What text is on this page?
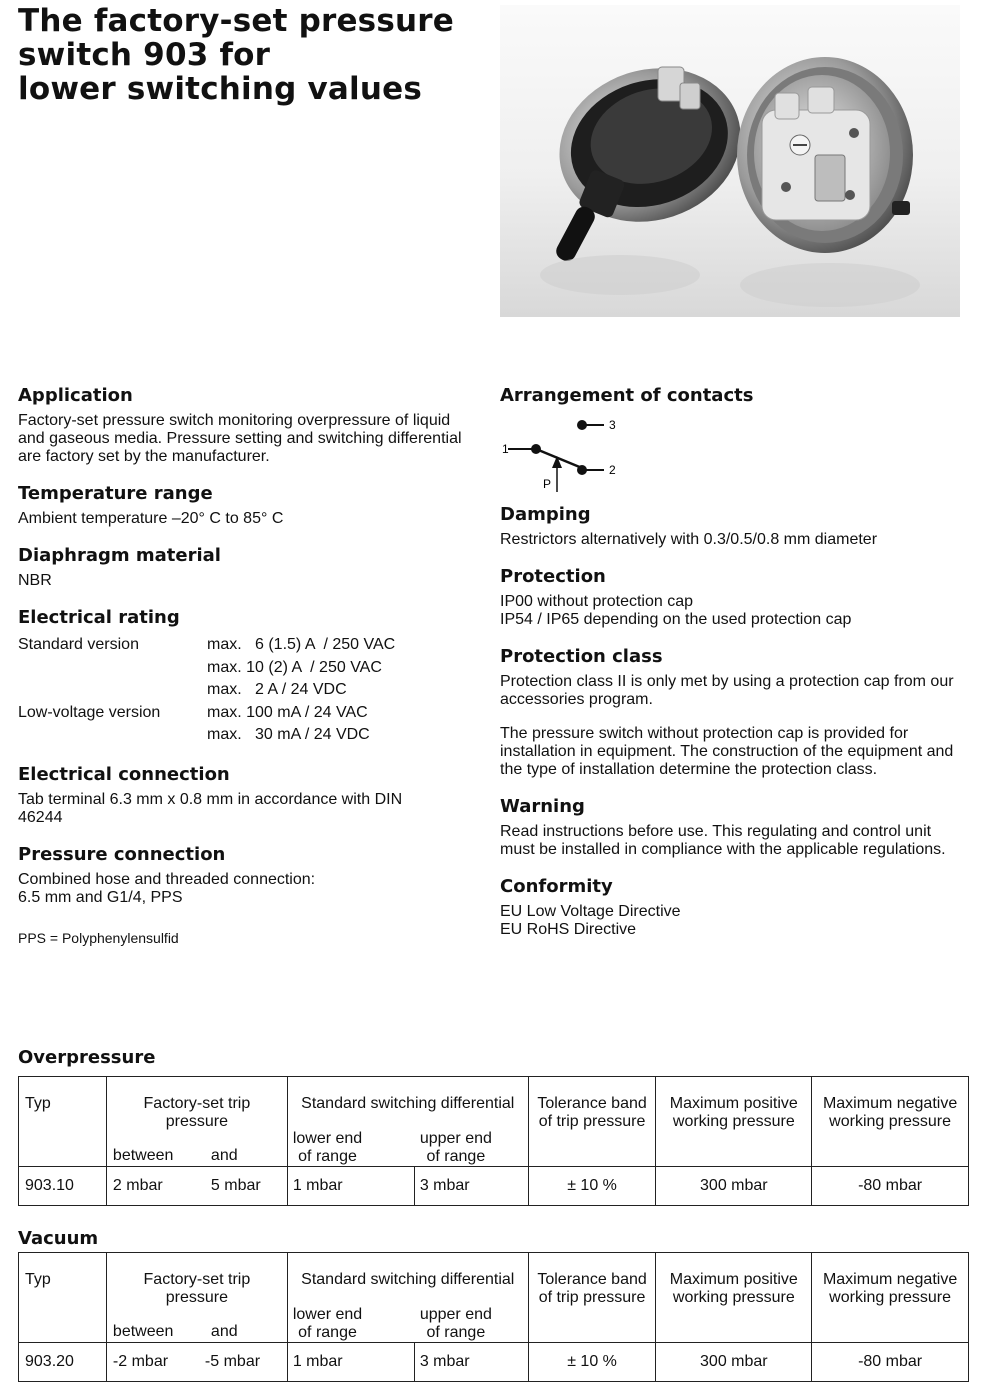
The factory-set pressure
switch 903 for
lower switching values
Application

Factory-set pressure switch monitoring overpressure of liquid and gaseous media. Pressure setting and switching differential are factory set by the manufacturer.

Temperature range

Ambient temperature –20° C to 85° C

Diaphragm material

NBR

Electrical rating
Standard version	max.   6 (1.5) A  / 250 VAC
max. 10 (2) A  / 250 VAC
max.   2 A / 24 VDC
Low-voltage version	max. 100 mA / 24 VAC
max.   30 mA / 24 VDC
Electrical connection

Tab terminal 6.3 mm x 0.8 mm in accordance with DIN 46244

Pressure connection

Combined hose and threaded connection:

6.5 mm and G1/4, PPS

PPS = Polyphenylensulfid

Arrangement of contacts
1
2
3
P
Damping

Restrictors alternatively with 0.3/0.5/0.8 mm diameter

Protection

IP00 without protection cap

IP54 / IP65 depending on the used protection cap

Protection class

Protection class II is only met by using a protection cap from our accessories program.

The pressure switch without protection cap is provided for installation in equipment. The construction of the equipment and the type of installation determine the protection class.

Warning

Read instructions before use. This regulating and control unit must be installed in compliance with the applicable regulations.

Conformity

EU Low Voltage Directive

EU RoHS Directive

Overpressure
Typ	Factory-set trip
pressure
between and	Standard switching differential
lower end
of range
upper end
of range	Tolerance band
of trip pressure	Maximum positive
working pressure	Maximum negative
working pressure

903.10	2 mbar 5 mbar	1 mbar 3 mbar	± 10 %	300 mbar	-80 mbar
Vacuum
Typ	Factory-set trip
pressure
between and	Standard switching differential
lower end
of range
upper end
of range	Tolerance band
of trip pressure	Maximum positive
working pressure	Maximum negative
working pressure

903.20	-2 mbar -5 mbar	1 mbar 3 mbar	± 10 %	300 mbar	-80 mbar
